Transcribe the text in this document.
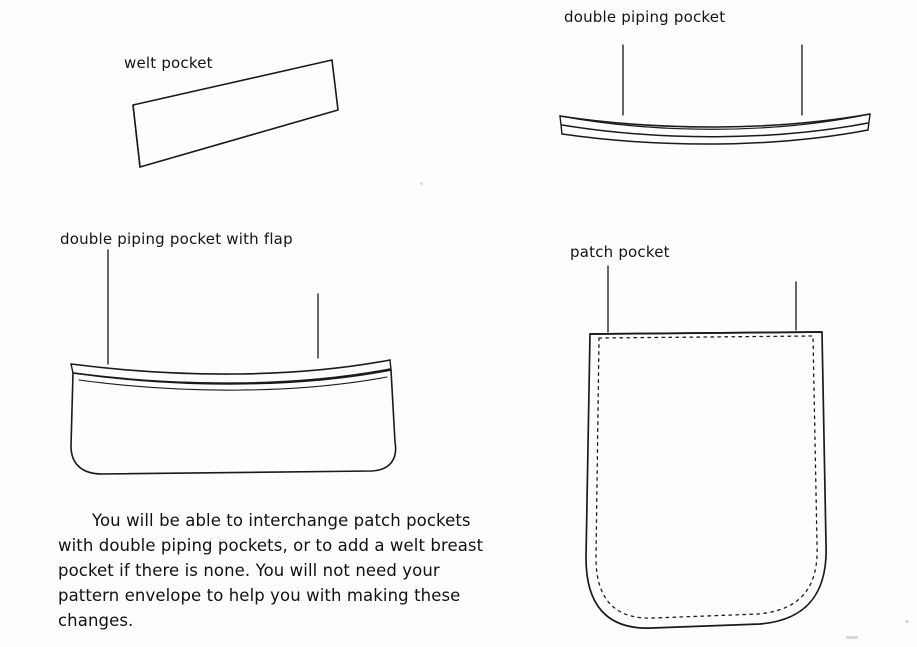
welt pocket
double piping pocket
double piping pocket with flap
patch pocket
You will be able to interchange patch pockets with double piping pockets, or to add a welt breast pocket if there is none. You will not need your pattern envelope to help you with making these changes.
